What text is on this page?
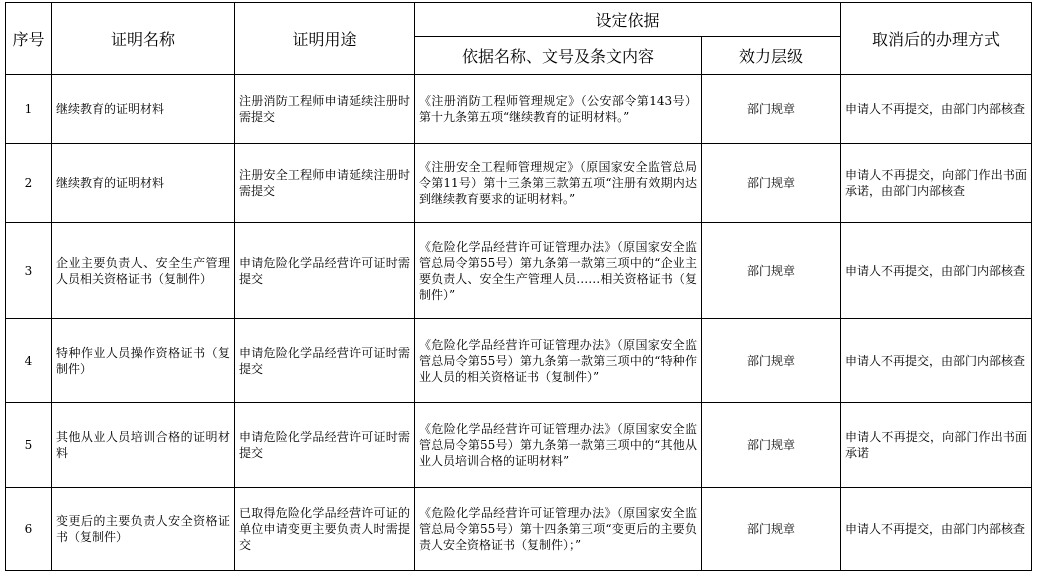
序号	证明名称	证明用途	设定依据		取消后的办理方式
			依据名称、文号及条文内容	效力层级	
1	继续教育的证明材料	注册消防工程师申请延续注册时需提交	《注册消防工程师管理规定》（公安部令第143号）第十九条第五项“继续教育的证明材料。”	部门规章	申请人不再提交，由部门内部核查
2	继续教育的证明材料	注册安全工程师申请延续注册时需提交	《注册安全工程师管理规定》（原国家安全监管总局令第11号）第十三条第三款第五项“注册有效期内达到继续教育要求的证明材料。”	部门规章	申请人不再提交，向部门作出书面承诺，由部门内部核查
3	企业主要负责人、安全生产管理人员相关资格证书（复制件）	申请危险化学品经营许可证时需提交	《危险化学品经营许可证管理办法》（原国家安全监管总局令第55号）第九条第一款第三项中的“企业主要负责人、安全生产管理人员……相关资格证书（复制件）”	部门规章	申请人不再提交，由部门内部核查
4	特种作业人员操作资格证书（复制件）	申请危险化学品经营许可证时需提交	《危险化学品经营许可证管理办法》（原国家安全监管总局令第55号）第九条第一款第三项中的“特种作业人员的相关资格证书（复制件）”	部门规章	申请人不再提交，由部门内部核查
5	其他从业人员培训合格的证明材料	申请危险化学品经营许可证时需提交	《危险化学品经营许可证管理办法》（原国家安全监管总局令第55号）第九条第一款第三项中的“其他从业人员培训合格的证明材料”	部门规章	申请人不再提交，向部门作出书面承诺
6	变更后的主要负责人安全资格证书（复制件）	已取得危险化学品经营许可证的单位申请变更主要负责人时需提交	《危险化学品经营许可证管理办法》（原国家安全监管总局令第55号）第十四条第三项“变更后的主要负责人安全资格证书（复制件）；”	部门规章	申请人不再提交，由部门内部核查
